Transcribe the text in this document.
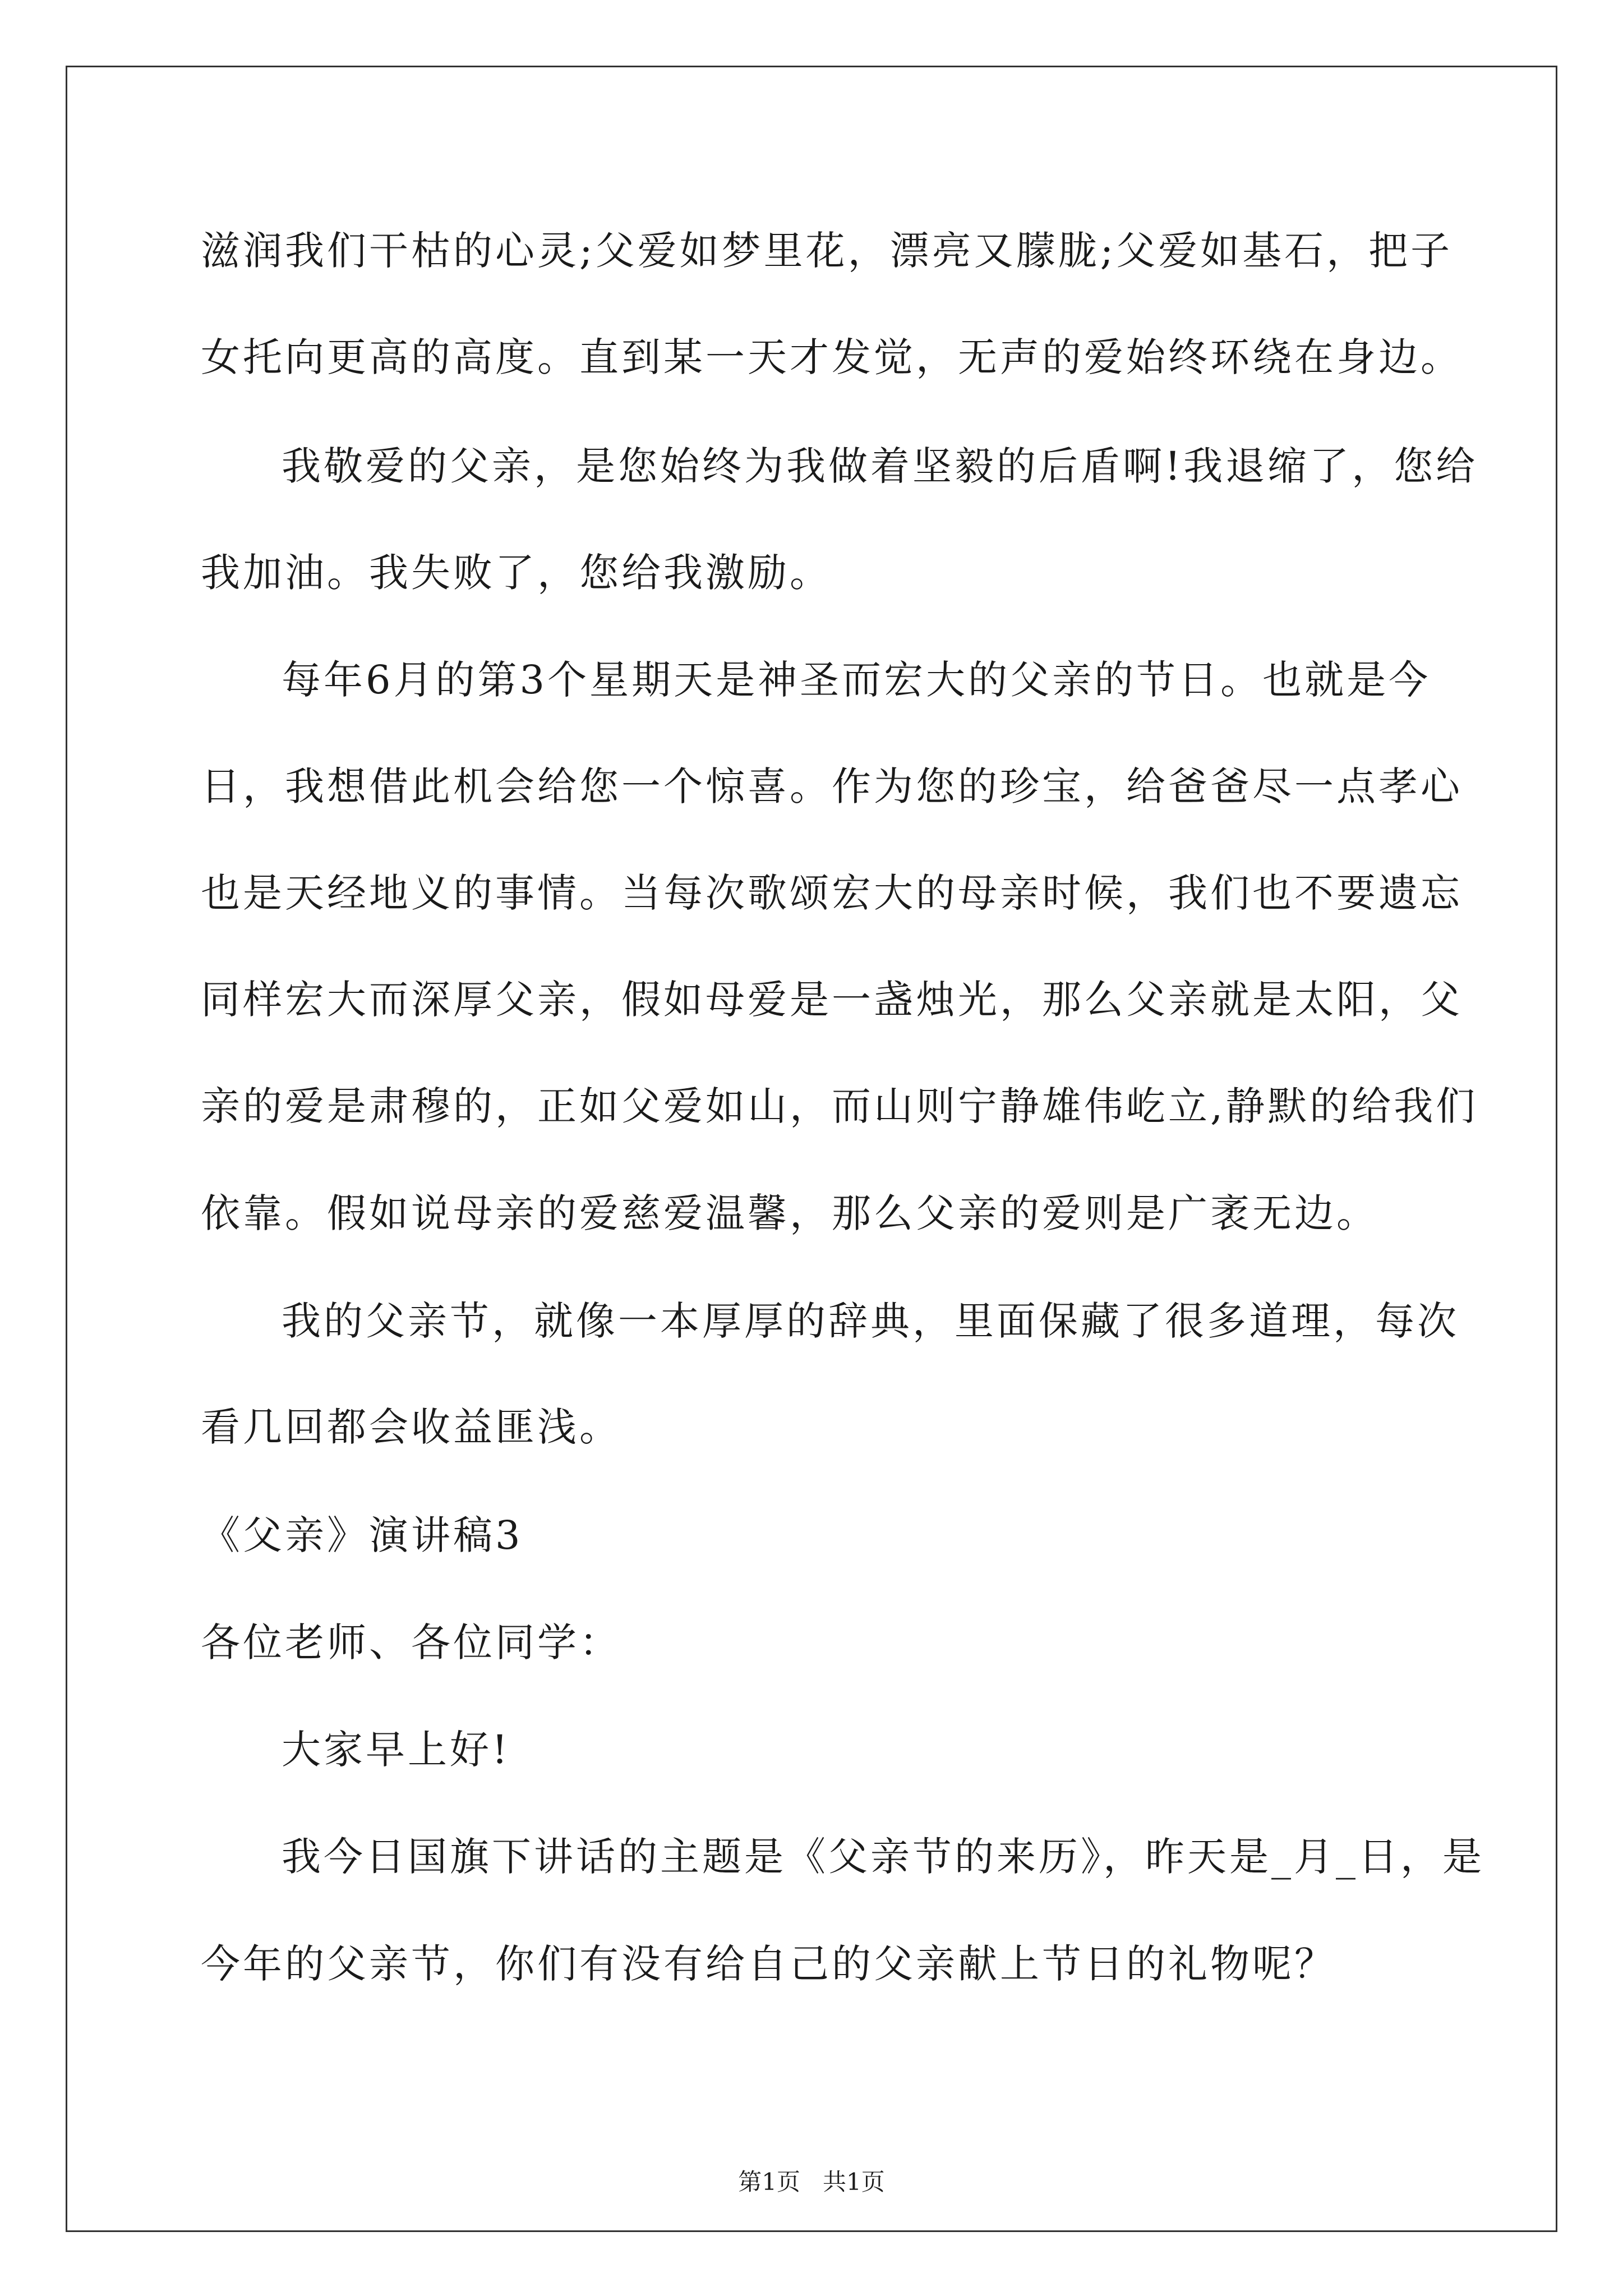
滋润我们干枯的心灵;父爱如梦里花，漂亮又朦胧;父爱如基石，把子
女托向更高的高度。直到某一天才发觉，无声的爱始终环绕在身边。
我敬爱的父亲，是您始终为我做着坚毅的后盾啊!我退缩了，您给
我加油。我失败了，您给我激励。
每年6月的第3个星期天是神圣而宏大的父亲的节日。也就是今
日，我想借此机会给您一个惊喜。作为您的珍宝，给爸爸尽一点孝心
也是天经地义的事情。当每次歌颂宏大的母亲时候，我们也不要遗忘
同样宏大而深厚父亲，假如母爱是一盏烛光，那么父亲就是太阳，父
亲的爱是肃穆的，正如父爱如山，而山则宁静雄伟屹立,静默的给我们
依靠。假如说母亲的爱慈爱温馨，那么父亲的爱则是广袤无边。
我的父亲节，就像一本厚厚的辞典，里面保藏了很多道理，每次
看几回都会收益匪浅。
《父亲》演讲稿3
各位老师、各位同学：
大家早上好!
我今日国旗下讲话的主题是《父亲节的来历》，昨天是_月_日，是
今年的父亲节，你们有没有给自己的父亲献上节日的礼物呢？
第1页 共1页
